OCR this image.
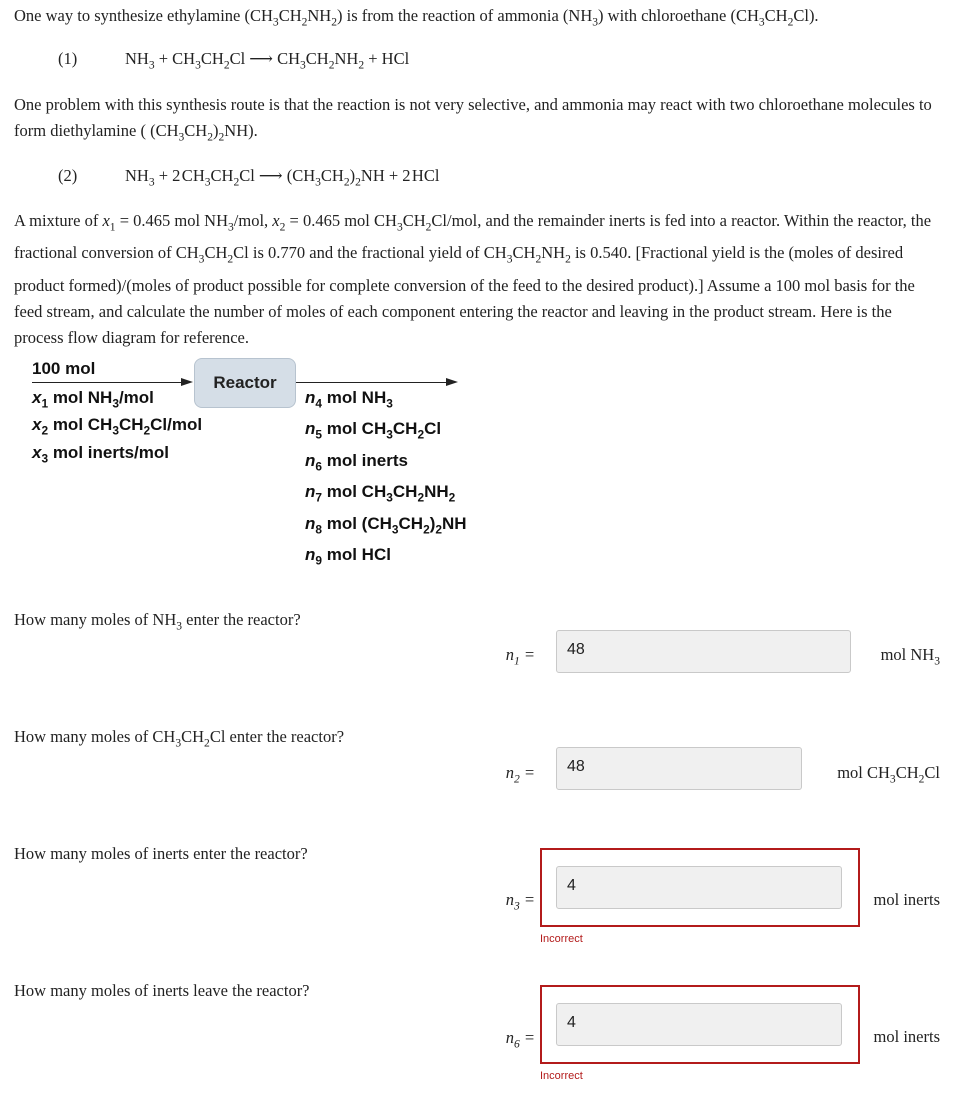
One way to synthesize ethylamine $(CH_3CH_2NH_2)$ is from the reaction of ammonia $(NH_3)$ with chloroethane $(CH_3CH_2Cl)$.
(1)	$NH_3 + CH_3CH_2Cl$ ⟶ $CH_3CH_2NH_2$ + HCl
One problem with this synthesis route is that the reaction is not very selective, and ammonia may react with two chloroethane molecules to form diethylamine ( $(CH_3CH_2)_2NH$).
(2)	$NH_3 + 2$ $CH_3CH_2Cl$ ⟶ $(CH_3CH_2)_2NH + 2$ HCl
A mixture of $x_1 = 0.465$ mol $NH_3$/mol, $x_2 = 0.465$ mol $CH_3CH_2Cl$/mol, and the remainder inerts is fed into a reactor. Within the reactor, the fractional conversion of $CH_3CH_2Cl$ is 0.770 and the fractional yield of $CH_3CH_2NH_2$ is 0.540. [Fractional yield is the (moles of desired product formed)/(moles of product possible for complete conversion of the feed to the desired product).] Assume a 100 mol basis for the feed stream, and calculate the number of moles of each component entering the reactor and leaving in the product stream. Here is the process flow diagram for reference.
100 mol
Reactor
$x_1$ mol $NH_3$/mol
$x_2$ mol $CH_3CH_2Cl$/mol
$x_3$ mol inerts/mol
$n_4$ mol $NH_3$
$n_5$ mol $CH_3CH_2Cl$
$n_6$ mol inerts
$n_7$ mol $CH_3CH_2NH_2$
$n_8$ mol $(CH_3CH_2)_2NH$
$n_9$ mol HCl
How many moles of $NH_3$ enter the reactor?
$n_1$ =	48	mol $NH_3$
How many moles of $CH_3CH_2Cl$ enter the reactor?
$n_2$ =	48	mol $CH_3CH_2Cl$
How many moles of inerts enter the reactor?
$n_3$ =
4
mol inerts
Incorrect
How many moles of inerts leave the reactor?
$n_6$ =
4
mol inerts
Incorrect
